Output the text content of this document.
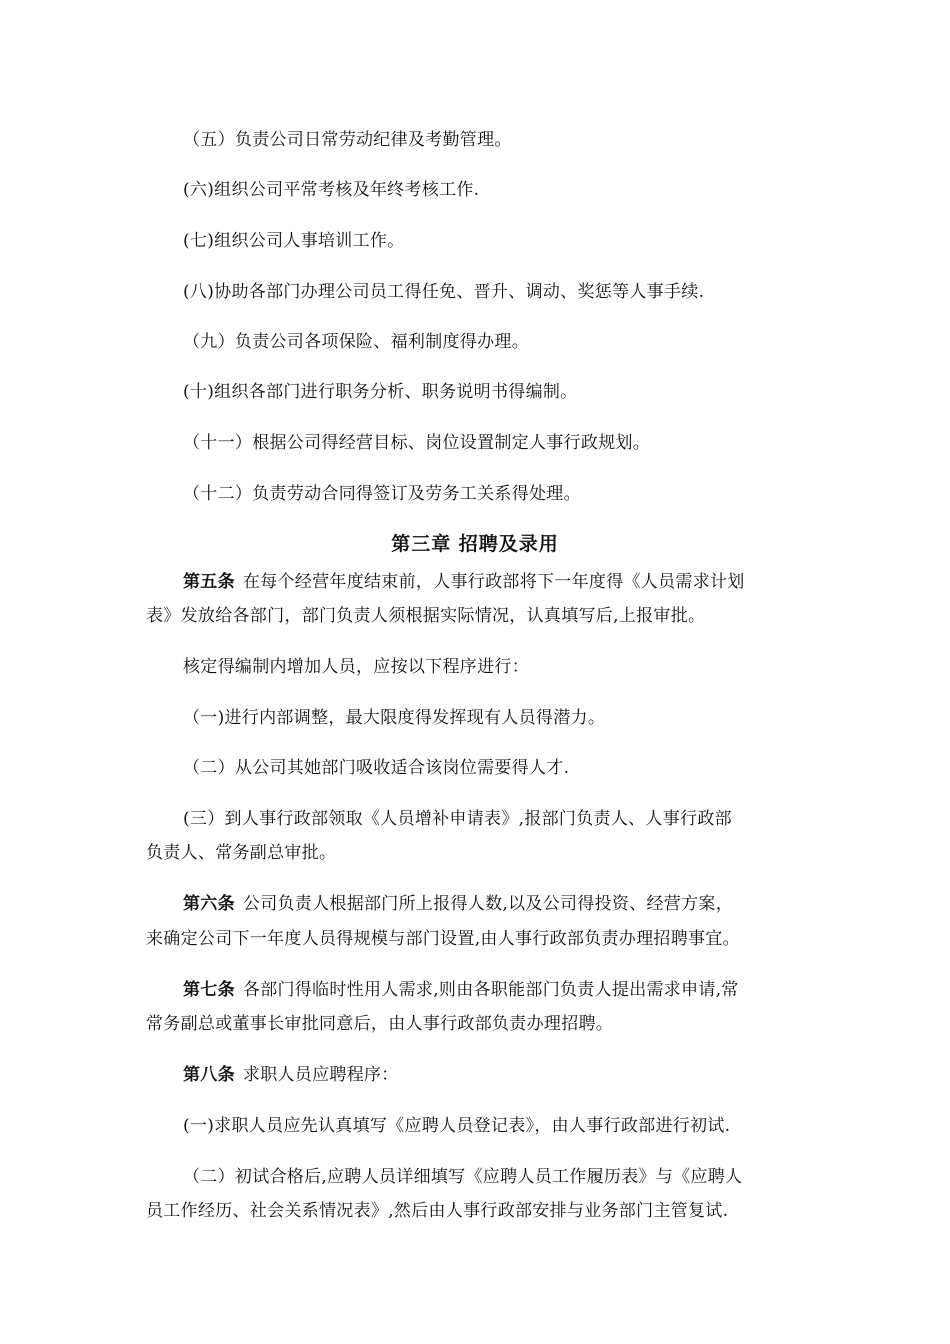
（五）负责公司日常劳动纪律及考勤管理。
(六)组织公司平常考核及年终考核工作.
(七)组织公司人事培训工作。
(八)协助各部门办理公司员工得任免、晋升、调动、奖惩等人事手续.
（九）负责公司各项保险、福利制度得办理。
(十)组织各部门进行职务分析、职务说明书得编制。
（十一）根据公司得经营目标、岗位设置制定人事行政规划。
（十二）负责劳动合同得签订及劳务工关系得处理。
第三章 招聘及录用
第五条 在每个经营年度结束前，人事行政部将下一年度得《人员需求计划
表》发放给各部门，部门负责人须根据实际情况，认真填写后,上报审批。
核定得编制内增加人员，应按以下程序进行：
（一)进行内部调整，最大限度得发挥现有人员得潜力。
（二）从公司其她部门吸收适合该岗位需要得人才.
(三）到人事行政部领取《人员增补申请表》,报部门负责人、人事行政部
负责人、常务副总审批。
第六条 公司负责人根据部门所上报得人数,以及公司得投资、经营方案，
来确定公司下一年度人员得规模与部门设置,由人事行政部负责办理招聘事宜。
第七条 各部门得临时性用人需求,则由各职能部门负责人提出需求申请,常
常务副总或董事长审批同意后，由人事行政部负责办理招聘。
第八条 求职人员应聘程序：
(一)求职人员应先认真填写《应聘人员登记表》，由人事行政部进行初试.
（二）初试合格后,应聘人员详细填写《应聘人员工作履历表》与《应聘人
员工作经历、社会关系情况表》,然后由人事行政部安排与业务部门主管复试.
